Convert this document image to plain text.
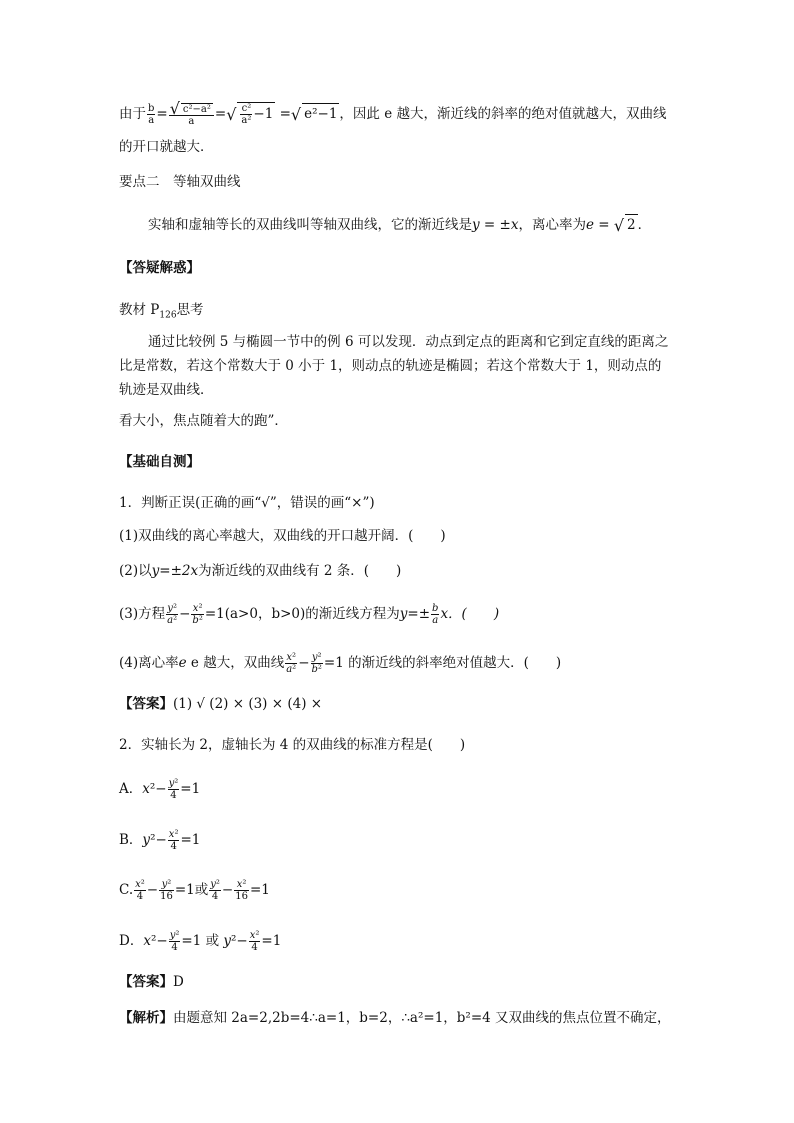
由于 $\frac{b}{a} = \frac{\text{√ c²−a²}}{a}$ =√ $\frac{\text{c²}}{\text{a²}} -1$ =√ e²−1 ，因此 e 越大，渐近线的斜率的绝对值就越大，双曲线
的开口就越大．
要点二　等轴双曲线
实轴和虚轴等长的双曲线叫等轴双曲线，它的渐近线是y = ±x，离心率为e = √ 2 ．
【答疑解惑】
教材 $P_{126}$思考
通过比较例 5 与椭圆一节中的例 6 可以发现．动点到定点的距离和它到定直线的距离之
比是常数，若这个常数大于 0 小于 1，则动点的轨迹是椭圆；若这个常数大于 1，则动点的
轨迹是双曲线．
看大小，焦点随着大的跑”．
【基础自测】
1．判断正误(正确的画“√”，错误的画“×”)
(1)双曲线的离心率越大，双曲线的开口越开阔．(　　)
(2)以y=±2x为渐近线的双曲线有 2 条．(　　)
(3)方程 $\frac{\text{y²}}{\text{a²}} - \frac{\text{x²}}{\text{b²}} =1(a>0$，b>0)的渐近线方程为$y=\pm \frac{b}{a}$ x．(　　)
(4)离心率e e 越大，双曲线 $\frac{\text{x²}}{\text{a²}} - \frac{\text{y²}}{\text{b²}} =1$ 的渐近线的斜率绝对值越大．(　　)
【答案】(1) √ (2) × (3) × (4) ×
2．实轴长为 2，虚轴长为 4 的双曲线的标准方程是(　　)
A．$x^2- \frac{\text{y²}}{4} =1$
B．$y^2- \frac{\text{x²}}{4} =1$
C. $\frac{\text{x²}}{4} - \frac{\text{y²}}{16} =1$或 $\frac{\text{y²}}{4} - \frac{\text{x²}}{16} =1$
D．$x^2- \frac{\text{y²}}{4} =1$ 或 $y^2- \frac{\text{x²}}{4} =1$
【答案】D
【解析】由题意知 2a=2,2b=4∴a=1，b=2，∴a²=1，b²=4 又双曲线的焦点位置不确定，
